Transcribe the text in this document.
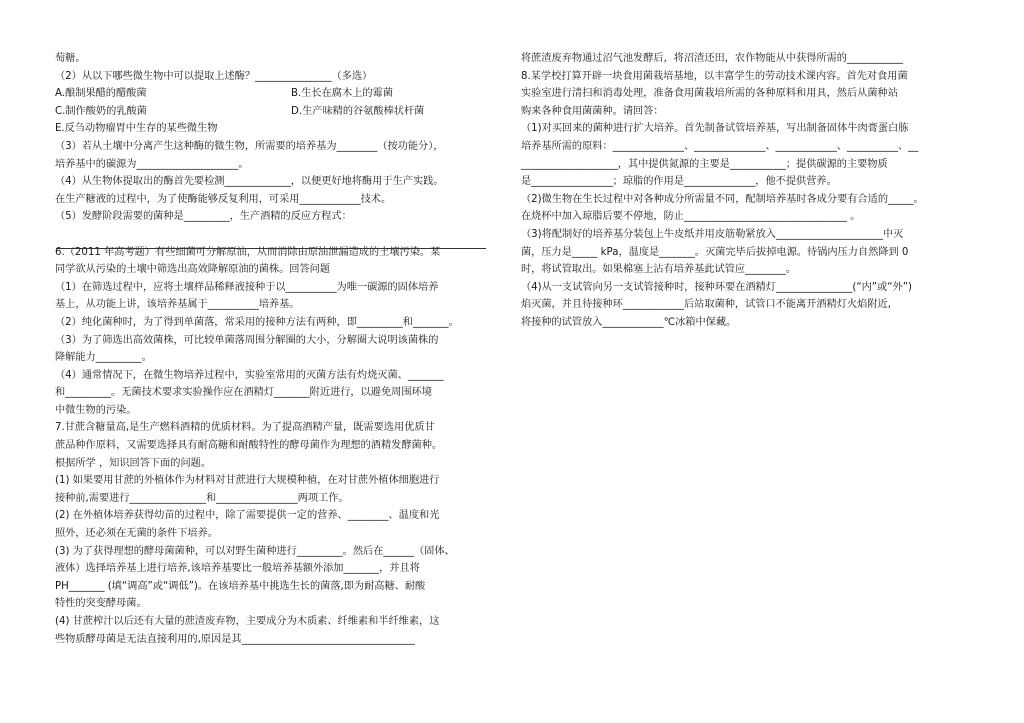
萄糖。
（2）从以下哪些微生物中可以提取上述酶？_______________（多选）
A.酿制果醋的醋酸菌	B.生长在腐木上的霉菌
C.制作酸奶的乳酸菌	D.生产味精的谷氨酸棒状杆菌
E.反刍动物瘤胃中生存的某些微生物
（3）若从土壤中分离产生这种酶的微生物，所需要的培养基为________（按功能分），
培养基中的碳源为____________________。
（4）从生物体提取出的酶首先要检测_____________，以便更好地将酶用于生产实践。
在生产糖液的过程中，为了使酶能够反复利用，可采用____________技术。
（5）发酵阶段需要的菌种是_________，生产酒精的反应方程式：

6.（2011 年高考题）有些细菌可分解原油，从而消除由原油泄漏造成的土壤污染。某
同学欲从污染的土壤中筛选出高效降解原油的菌株。回答问题
（1）在筛选过程中，应将土壤样品稀释液接种于以__________为唯一碳源的固体培养
基上，从功能上讲，该培养基属于__________培养基。
（2）纯化菌种时，为了得到单菌落，常采用的接种方法有两种，即_________和_______。
（3）为了筛选出高效菌株，可比较单菌落周围分解圈的大小，分解圈大说明该菌株的
降解能力_________。
（4）通常情况下，在微生物培养过程中，实验室常用的灭菌方法有灼烧灭菌、_______
和_________。无菌技术要求实验操作应在酒精灯_______附近进行，以避免周围环境
中微生物的污染。
7.甘蔗含糖量高,是生产燃料酒精的优质材料。为了提高酒精产量，既需要选用优质甘
蔗品种作原料，又需要选择具有耐高糖和耐酸特性的酵母菌作为理想的酒精发酵菌种。
根据所学 ，知识回答下面的问题。
(1) 如果要用甘蔗的外植体作为材料对甘蔗进行大规模种植，在对甘蔗外植体细胞进行
接种前,需要进行_______________和________________两项工作。
(2) 在外植体培养获得幼苗的过程中，除了需要提供一定的营养、________、温度和光
照外，还必须在无菌的条件下培养。
(3) 为了获得理想的酵母菌菌种，可以对野生菌种进行_________。然后在______（固体、
液体）选择培养基上进行培养,该培养基要比一般培养基额外添加_______，并且将
PH_______ (填“调高”或“调低”)。在该培养基中挑选生长的菌落,即为耐高糖、耐酸
特性的突变酵母菌。
(4) 甘蔗榨汁以后还有大量的蔗渣废弃物，主要成分为木质素、纤维素和半纤维素，这
些物质酵母菌是无法直接利用的,原因是其__________________________________
将蔗渣废弃物通过沼气池发酵后，将沼渣还田，农作物能从中获得所需的___________
8.某学校打算开辟一块食用菌栽培基地，以丰富学生的劳动技术课内容。首先对食用菌
实验室进行清扫和消毒处理，准备食用菌栽培所需的各种原料和用具，然后从菌种站
购来各种食用菌菌种。请回答：
（1)对买回来的菌种进行扩大培养。首先制备试管培养基，写出制备固体牛肉膏蛋白胨
培养基所需的原料：______________、______________、____________、__________、__
___________________，其中提供氮源的主要是___________；提供碳源的主要物质
是________________；琼脂的作用是______________，他不提供营养。
（2)微生物在生长过程中对各种成分所需量不同，配制培养基时各成分要有合适的_____。
在烧杯中加入琼脂后要不停地，防止________________________________ 。
（3)将配制好的培养基分装包上牛皮纸并用皮筋勒紧放入_____________________中灭
菌，压力是_____ kPa，温度是_______。灭菌完毕后拔掉电源。待锅内压力自然降到 0
时，将试管取出。如果棉塞上沾有培养基此试管应________。
（4)从一支试管向另一支试管接种时，接种环要在酒精灯_______________(“内”或“外”)
焰灭菌，并且待接种环____________后站取菌种，试管口不能离开酒精灯火焰附近,
将接种的试管放入____________℃冰箱中保藏。
